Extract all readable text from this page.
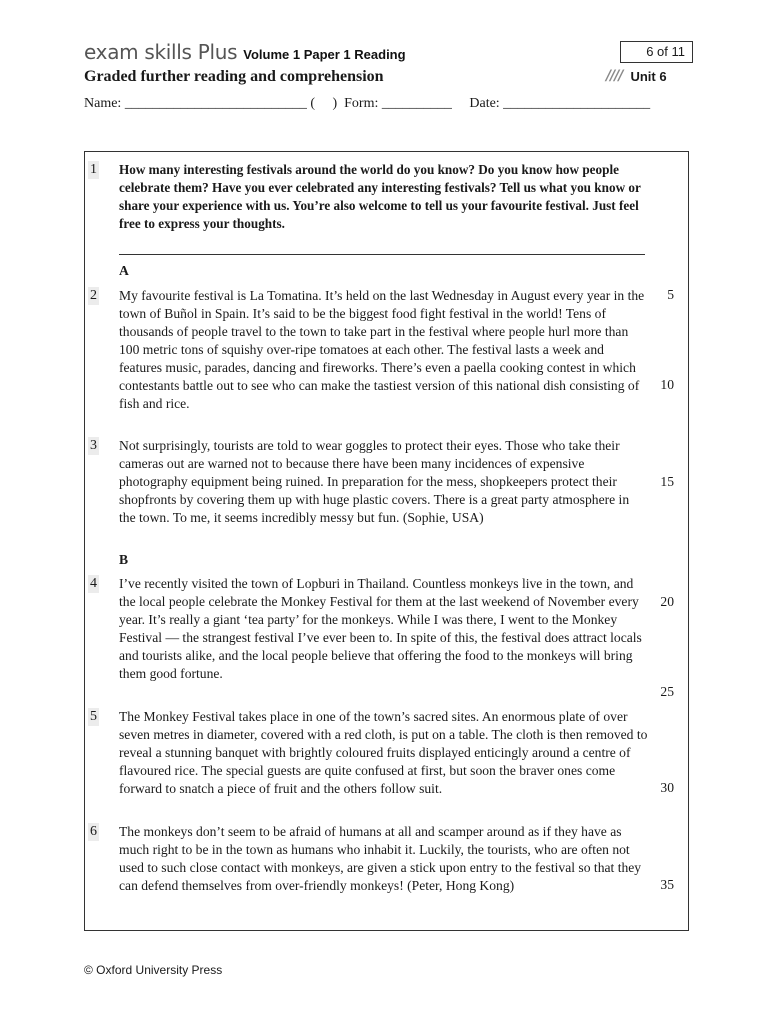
exam skills Plus Volume 1 Paper 1 Reading	6 of 11
Graded further reading and comprehension	//// Unit 6
Name: __________________________ (     )  Form: __________     Date: _____________________
1 How many interesting festivals around the world do you know? Do you know how people celebrate them? Have you ever celebrated any interesting festivals? Tell us what you know or share your experience with us. You’re also welcome to tell us your favourite festival. Just feel free to express your thoughts.

A
2 My favourite festival is La Tomatina. It’s held on the last Wednesday in August every year in the town of Buñol in Spain. It’s said to be the biggest food fight festival in the world! Tens of thousands of people travel to the town to take part in the festival where people hurl more than 100 metric tons of squishy over-ripe tomatoes at each other. The festival lasts a week and features music, parades, dancing and fireworks. There’s even a paella cooking contest in which contestants battle out to see who can make the tastiest version of this national dish consisting of fish and rice.

3 Not surprisingly, tourists are told to wear goggles to protect their eyes. Those who take their cameras out are warned not to because there have been many incidences of expensive photography equipment being ruined. In preparation for the mess, shopkeepers protect their shopfronts by covering them up with huge plastic covers. There is a great party atmosphere in the town. To me, it seems incredibly messy but fun. (Sophie, USA)

B
4 I’ve recently visited the town of Lopburi in Thailand. Countless monkeys live in the town, and the local people celebrate the Monkey Festival for them at the last weekend of November every year. It’s really a giant ‘tea party’ for the monkeys. While I was there, I went to the Monkey Festival — the strangest festival I’ve ever been to. In spite of this, the festival does attract locals and tourists alike, and the local people believe that offering the food to the monkeys will bring them good fortune.

5 The Monkey Festival takes place in one of the town’s sacred sites. An enormous plate of over seven metres in diameter, covered with a red cloth, is put on a table. The cloth is then removed to reveal a stunning banquet with brightly coloured fruits displayed enticingly around a centre of flavoured rice. The special guests are quite confused at first, but soon the braver ones come forward to snatch a piece of fruit and the others follow suit.

6 The monkeys don’t seem to be afraid of humans at all and scamper around as if they have as much right to be in the town as humans who inhabit it. Luckily, the tourists, who are often not used to such close contact with monkeys, are given a stick upon entry to the festival so that they can defend themselves from over-friendly monkeys! (Peter, Hong Kong)

5
10
15
20
25
30
35
© Oxford University Press
